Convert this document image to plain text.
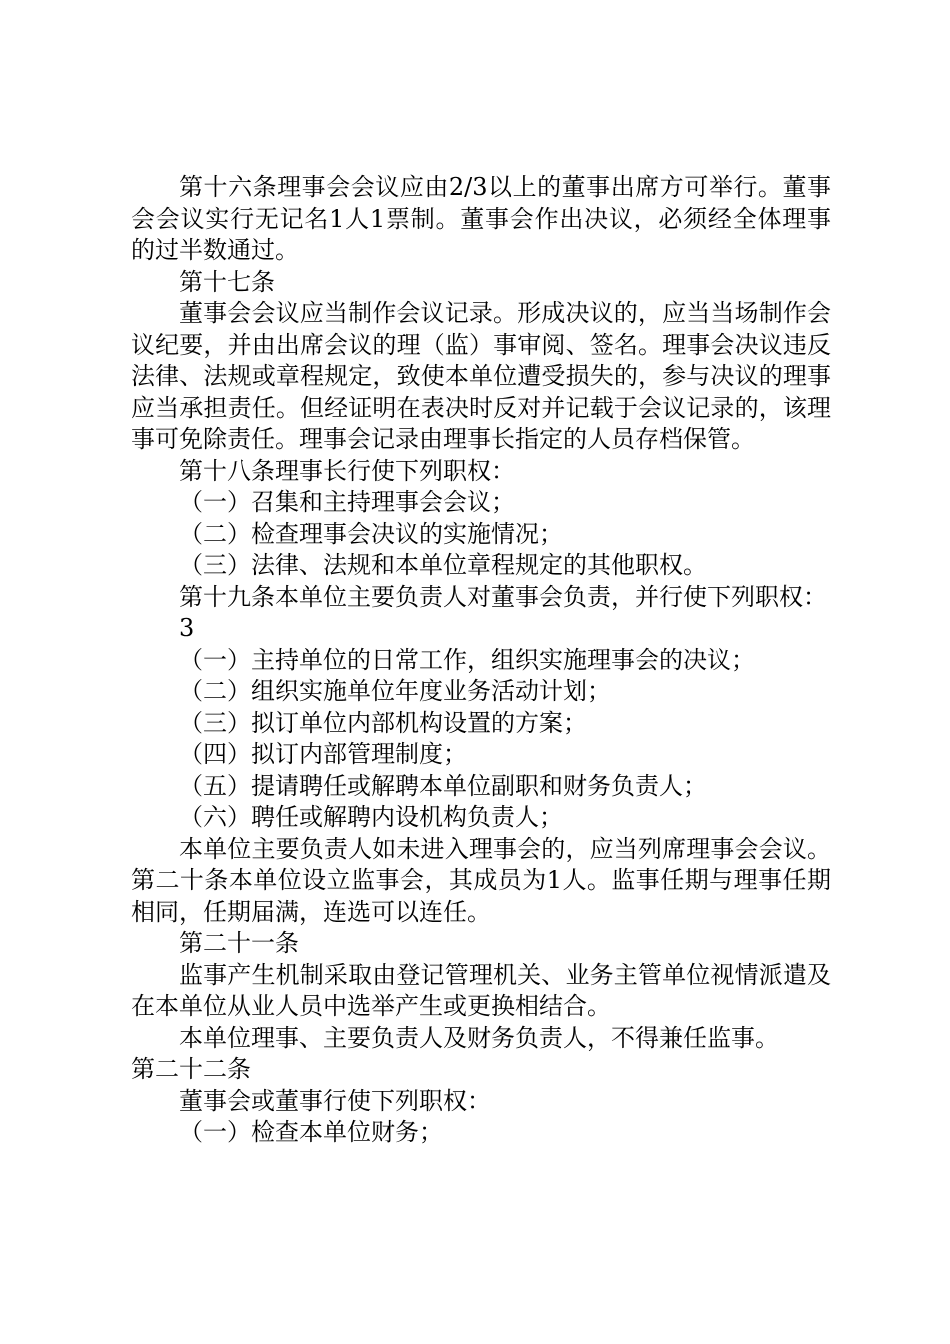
第十六条理事会会议应由2/3以上的董事出席方可举行。董事会会议实行无记名1人1票制。董事会作出决议，必须经全体理事的过半数通过。

第十七条

董事会会议应当制作会议记录。形成决议的，应当当场制作会议纪要，并由出席会议的理（监）事审阅、签名。理事会决议违反法律、法规或章程规定，致使本单位遭受损失的，参与决议的理事应当承担责任。但经证明在表决时反对并记载于会议记录的，该理事可免除责任。理事会记录由理事长指定的人员存档保管。

第十八条理事长行使下列职权：

（一）召集和主持理事会会议；

（二）检查理事会决议的实施情况；

（三）法律、法规和本单位章程规定的其他职权。

第十九条本单位主要负责人对董事会负责，并行使下列职权：

3

（一）主持单位的日常工作，组织实施理事会的决议；

（二）组织实施单位年度业务活动计划；

（三）拟订单位内部机构设置的方案；

（四）拟订内部管理制度；

（五）提请聘任或解聘本单位副职和财务负责人；

（六）聘任或解聘内设机构负责人；

本单位主要负责人如未进入理事会的，应当列席理事会会议。第二十条本单位设立监事会，其成员为1人。监事任期与理事任期相同，任期届满，连选可以连任。

第二十一条

监事产生机制采取由登记管理机关、业务主管单位视情派遣及在本单位从业人员中选举产生或更换相结合。

本单位理事、主要负责人及财务负责人，不得兼任监事。

第二十二条

董事会或董事行使下列职权：

（一）检查本单位财务；
